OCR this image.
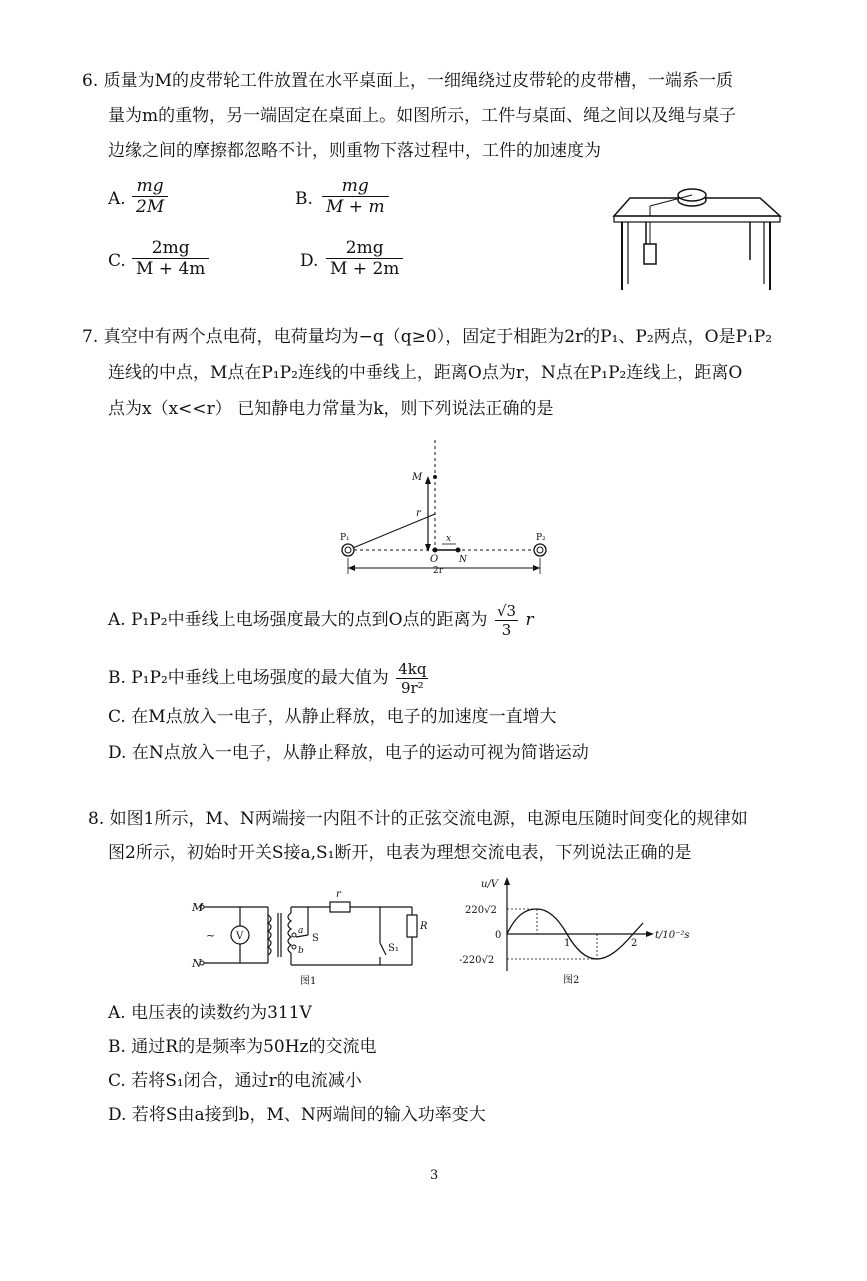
6. 质量为M的皮带轮工件放置在水平桌面上，一细绳绕过皮带轮的皮带槽，一端系一质
量为m的重物，另一端固定在桌面上。如图所示，工件与桌面、绳之间以及绳与桌子
边缘之间的摩擦都忽略不计，则重物下落过程中，工件的加速度为
A. $\frac{mg}{2M}$	B. $\frac{mg}{M + m}$
C. $\frac{2mg}{M + 4m}$	D. $\frac{2mg}{M + 2m}$
7. 真空中有两个点电荷，电荷量均为−q（q≥0），固定于相距为2r的P₁、P₂两点，O是P₁P₂
连线的中点，M点在P₁P₂连线的中垂线上，距离O点为r，N点在P₁P₂连线上，距离O
点为x（x<<r） 已知静电力常量为k，则下列说法正确的是
M
r
P₁	P₂
O
x
N
2r
A. P₁P₂中垂线上电场强度最大的点到O点的距离为 $\frac{√3}{3}$ r
B. P₁P₂中垂线上电场强度的最大值为 $\frac{4kq}{\text{9r²}}$
C. 在M点放入一电子，从静止释放，电子的加速度一直增大
D. 在N点放入一电子，从静止释放，电子的运动可视为简谐运动
8. 如图1所示，M、N两端接一内阻不计的正弦交流电源，电源电压随时间变化的规律如
图2所示，初始时开关S接a,S₁断开，电表为理想交流电表，下列说法正确的是
M
N
~ V
r
R
a
b
S
S₁
图1
u/V
220√2
0
-220√2
1	2
t/10⁻²s
图2
A. 电压表的读数约为311V
B. 通过R的是频率为50Hz的交流电
C. 若将S₁闭合，通过r的电流减小
D. 若将S由a接到b，M、N两端间的输入功率变大
3
